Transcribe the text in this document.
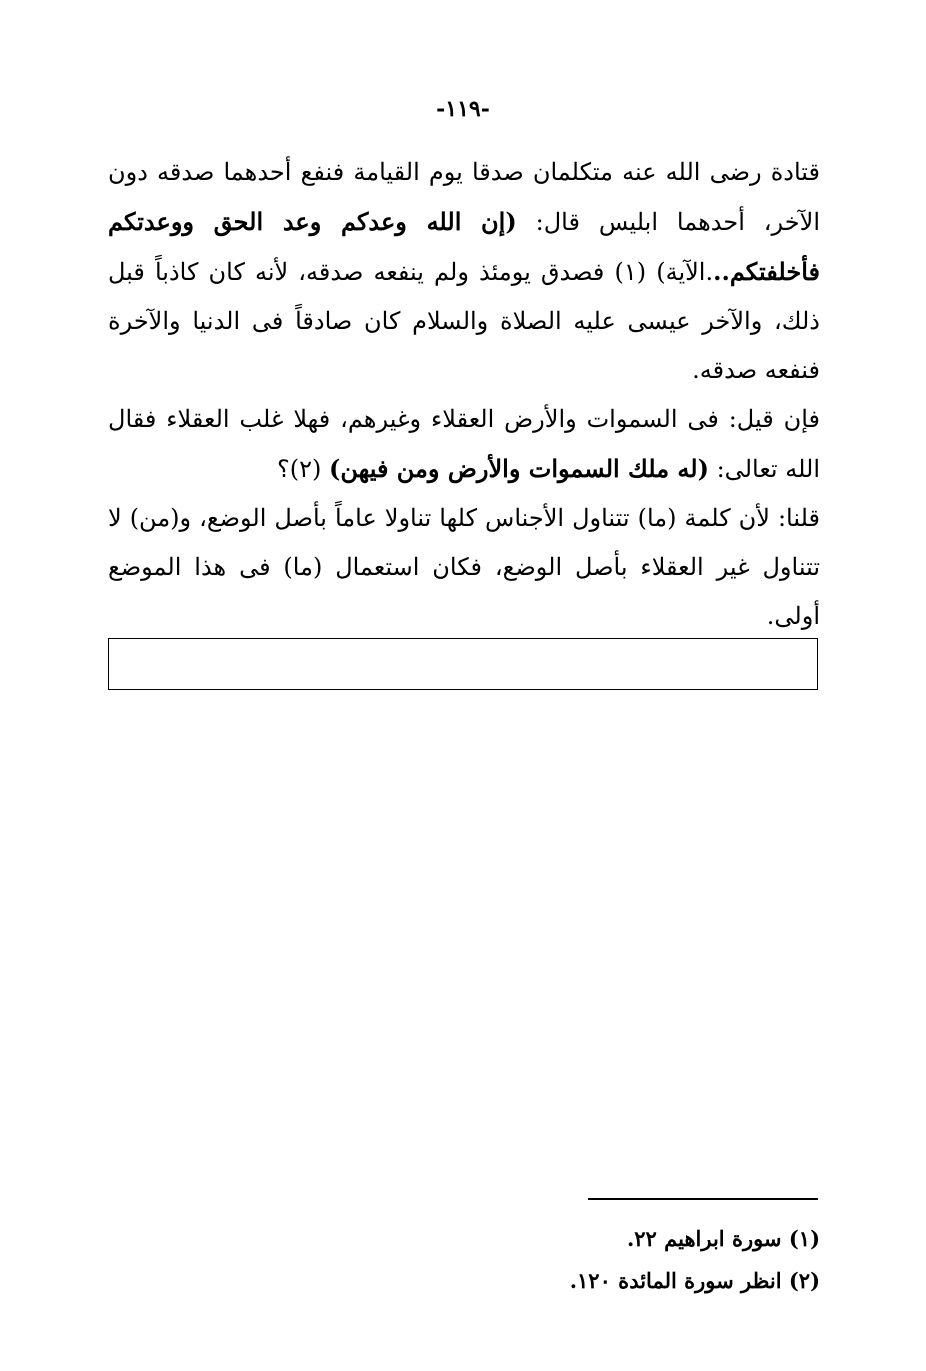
-١١٩-

قتادة رضى الله عنه متكلمان صدقا يوم القيامة فنفع أحدهما صدقه دون الآخر، أحدهما ابليس قال: (إن الله وعدكم وعد الحق ووعدتكم فأخلفتكم...الآية) (١) فصدق يومئذ ولم ينفعه صدقه، لأنه كان كاذباً قبل ذلك، والآخر عيسى عليه الصلاة والسلام كان صادقاً فى الدنيا والآخرة فنفعه صدقه.

فإن قيل: فى السموات والأرض العقلاء وغيرهم، فهلا غلب العقلاء فقال الله تعالى: (له ملك السموات والأرض ومن فيهن) (٢)؟

قلنا: لأن كلمة (ما) تتناول الأجناس كلها تناولا عاماً بأصل الوضع، و(من) لا تتناول غير العقلاء بأصل الوضع، فكان استعمال (ما) فى هذا الموضع أولى.

(١) سورة ابراهيم ٢٢.

(٢) انظر سورة المائدة ١٢٠.
